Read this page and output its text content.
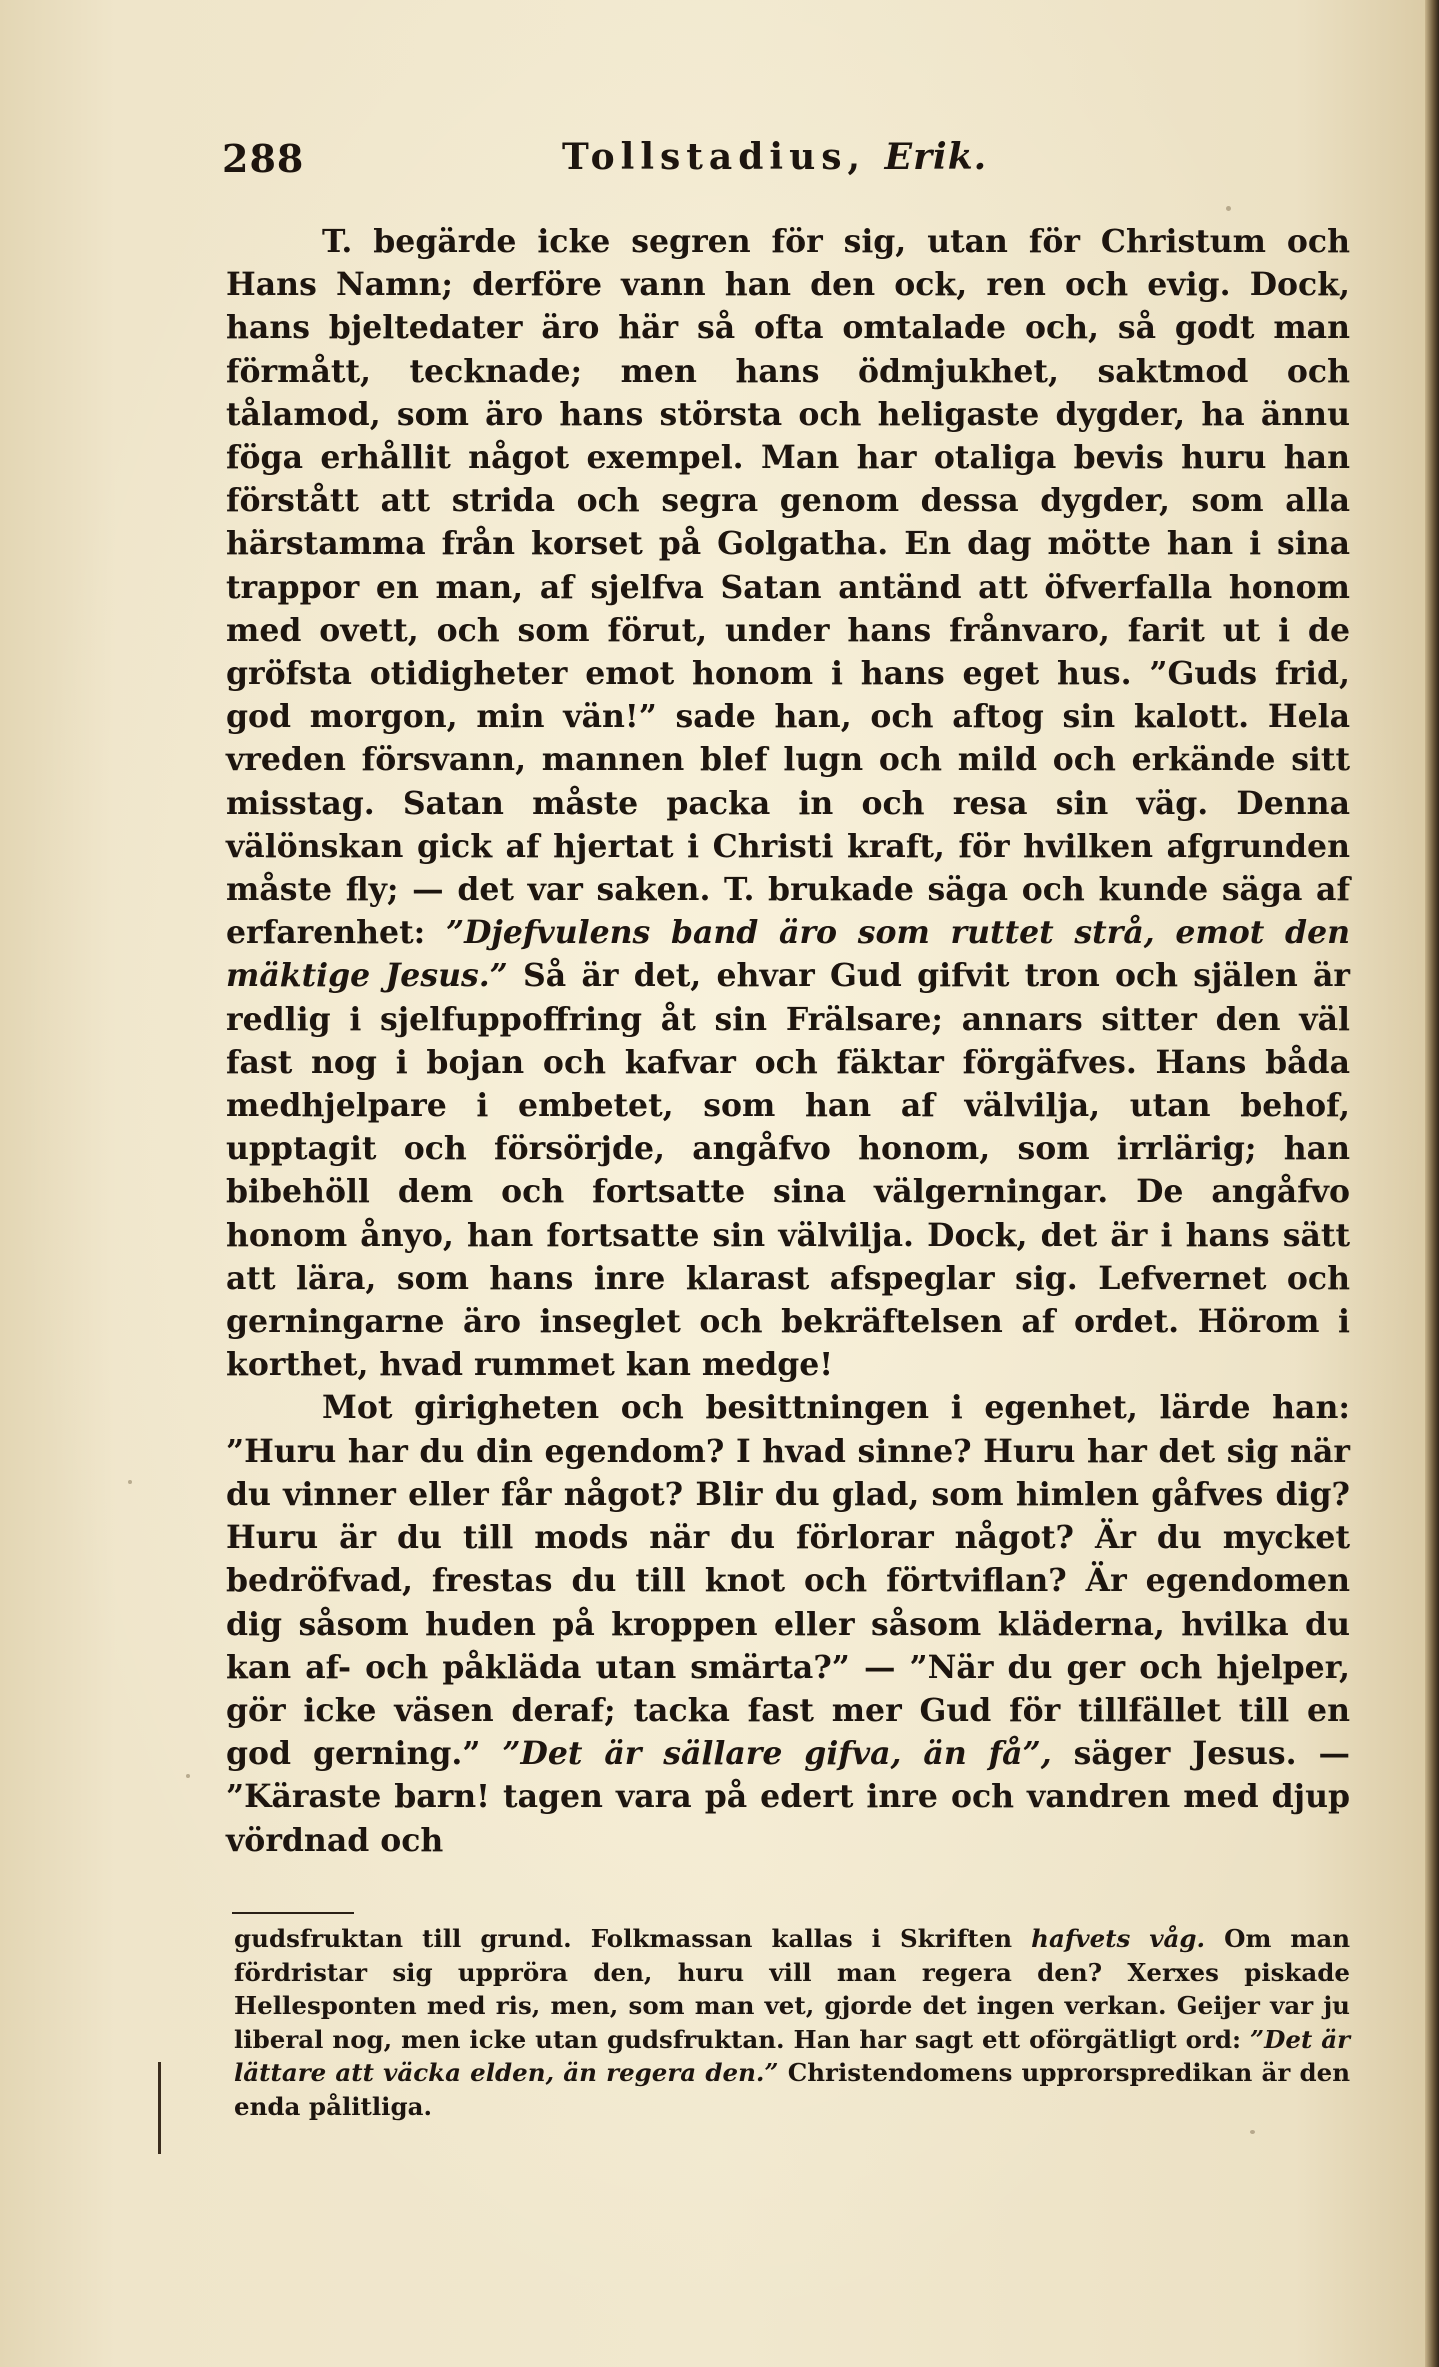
288	Tollstadius, Erik.

T. begärde icke segren för sig, utan för Christum och Hans Namn; derföre vann han den ock, ren och evig. Dock, hans bjeltedater äro här så ofta omtalade och, så godt man förmått, tecknade; men hans ödmjukhet, saktmod och tålamod, som äro hans största och heligaste dygder, ha ännu föga erhållit något exempel. Man har otaliga bevis huru han förstått att strida och segra genom dessa dygder, som alla härstamma från korset på Golgatha. En dag mötte han i sina trappor en man, af sjelfva Satan antänd att öfverfalla honom med ovett, och som förut, under hans frånvaro, farit ut i de gröfsta otidigheter emot honom i hans eget hus. ”Guds frid, god morgon, min vän!” sade han, och aftog sin kalott. Hela vreden försvann, mannen blef lugn och mild och erkände sitt misstag. Satan måste packa in och resa sin väg. Denna välönskan gick af hjertat i Christi kraft, för hvilken afgrunden måste fly; — det var saken. T. brukade säga och kunde säga af erfarenhet: ”Djefvulens band äro som ruttet strå, emot den mäktige Jesus.” Så är det, ehvar Gud gifvit tron och själen är redlig i sjelfuppoffring åt sin Frälsare; annars sitter den väl fast nog i bojan och kafvar och fäktar förgäfves. Hans båda medhjelpare i embetet, som han af välvilja, utan behof, upptagit och försörjde, angåfvo honom, som irrlärig; han bibehöll dem och fortsatte sina välgerningar. De angåfvo honom ånyo, han fortsatte sin välvilja. Dock, det är i hans sätt att lära, som hans inre klarast afspeglar sig. Lefvernet och gerningarne äro inseglet och bekräftelsen af ordet. Hörom i korthet, hvad rummet kan medge!

Mot girigheten och besittningen i egenhet, lärde han: ”Huru har du din egendom? I hvad sinne? Huru har det sig när du vinner eller får något? Blir du glad, som himlen gåfves dig? Huru är du till mods när du förlorar något? Är du mycket bedröfvad, frestas du till knot och förtviflan? Är egendomen dig såsom huden på kroppen eller såsom kläderna, hvilka du kan af- och påkläda utan smärta?” — ”När du ger och hjelper, gör icke väsen deraf; tacka fast mer Gud för tillfället till en god gerning.” ”Det är sällare gifva, än få”, säger Jesus. — ”Käraste barn! tagen vara på edert inre och vandren med djup vördnad och

gudsfruktan till grund. Folkmassan kallas i Skriften hafvets våg. Om man fördristar sig uppröra den, huru vill man regera den? Xerxes piskade Hellesponten med ris, men, som man vet, gjorde det ingen verkan. Geijer var ju liberal nog, men icke utan gudsfruktan. Han har sagt ett oförgätligt ord: ”Det är lättare att väcka elden, än regera den.” Christendomens upprorspredikan är den enda pålitliga.
